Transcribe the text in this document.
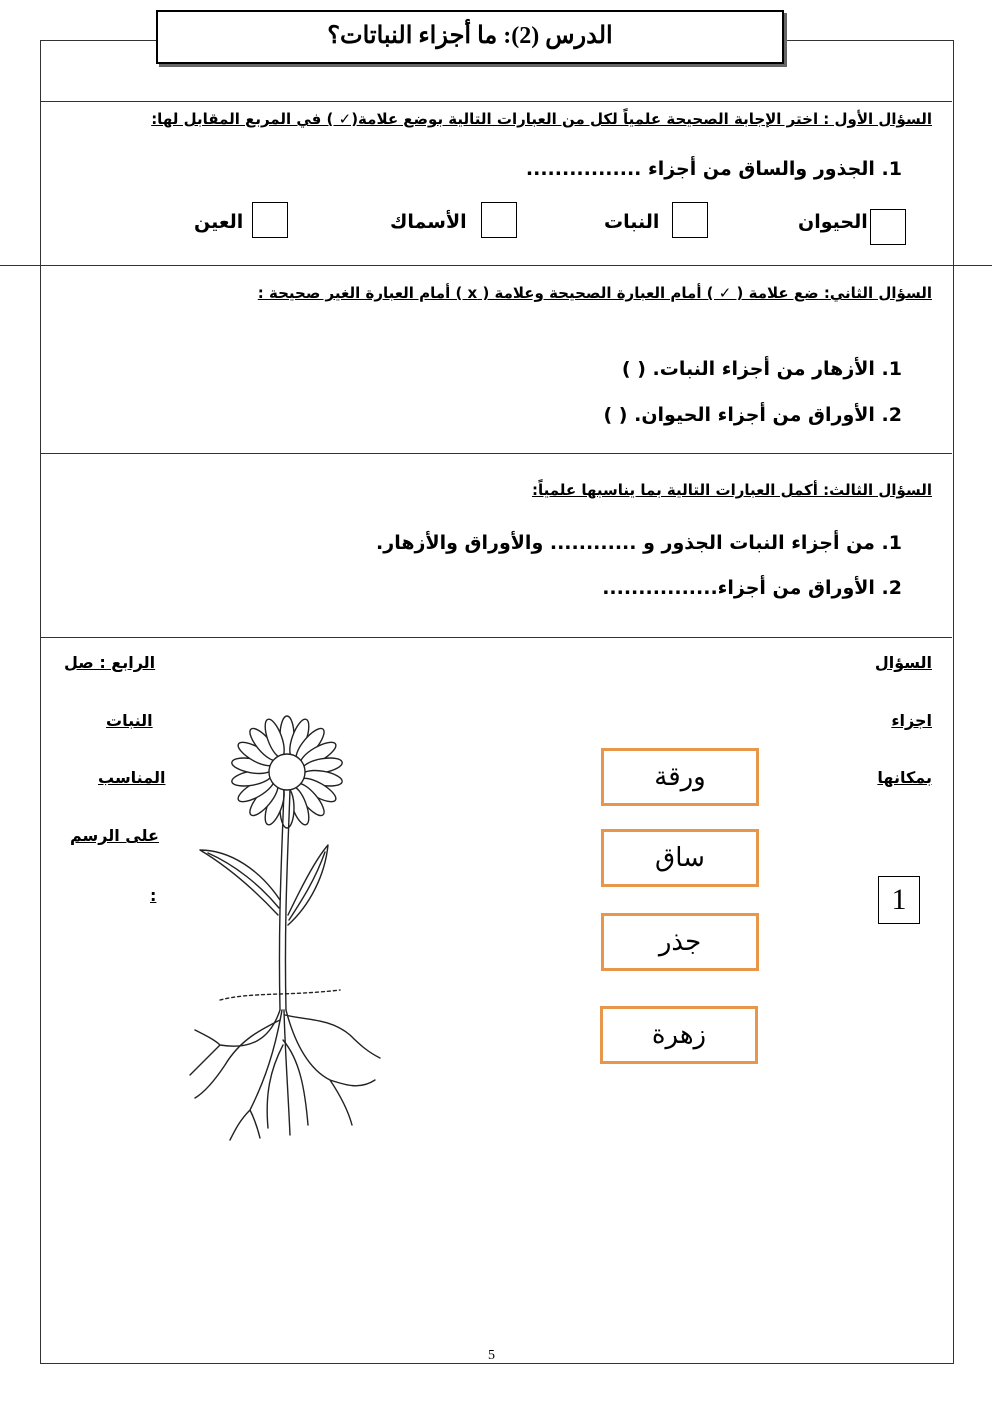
الدرس (2): ما أجزاء النباتات؟
السؤال الأول : اختر الإجابة الصحيحة علمياً لكل من العبارات التالية بوضع علامة(✓ ) في المربع المقابل لها:
1. الجذور والساق من أجزاء ................
الحيوان
النبات
الأسماك
العين
السؤال الثاني: ضع علامة ( ✓ ) أمام العبارة الصحيحة وعلامة ( x ) أمام العبارة الغير صحيحة :
1. الأزهار من أجزاء النبات. ( )
2. الأوراق من أجزاء الحيوان. ( )
السؤال الثالث: أكمل العبارات التالية بما يناسبها علمياً:
1. من أجزاء النبات الجذور و ............ والأوراق والأزهار.
2. الأوراق من أجزاء................
السؤال
اجزاء
بمكانها
الرابع : صل
النبات
المناسب
على الرسم
:	1
ورقة
ساق
جذر
زهرة
5
